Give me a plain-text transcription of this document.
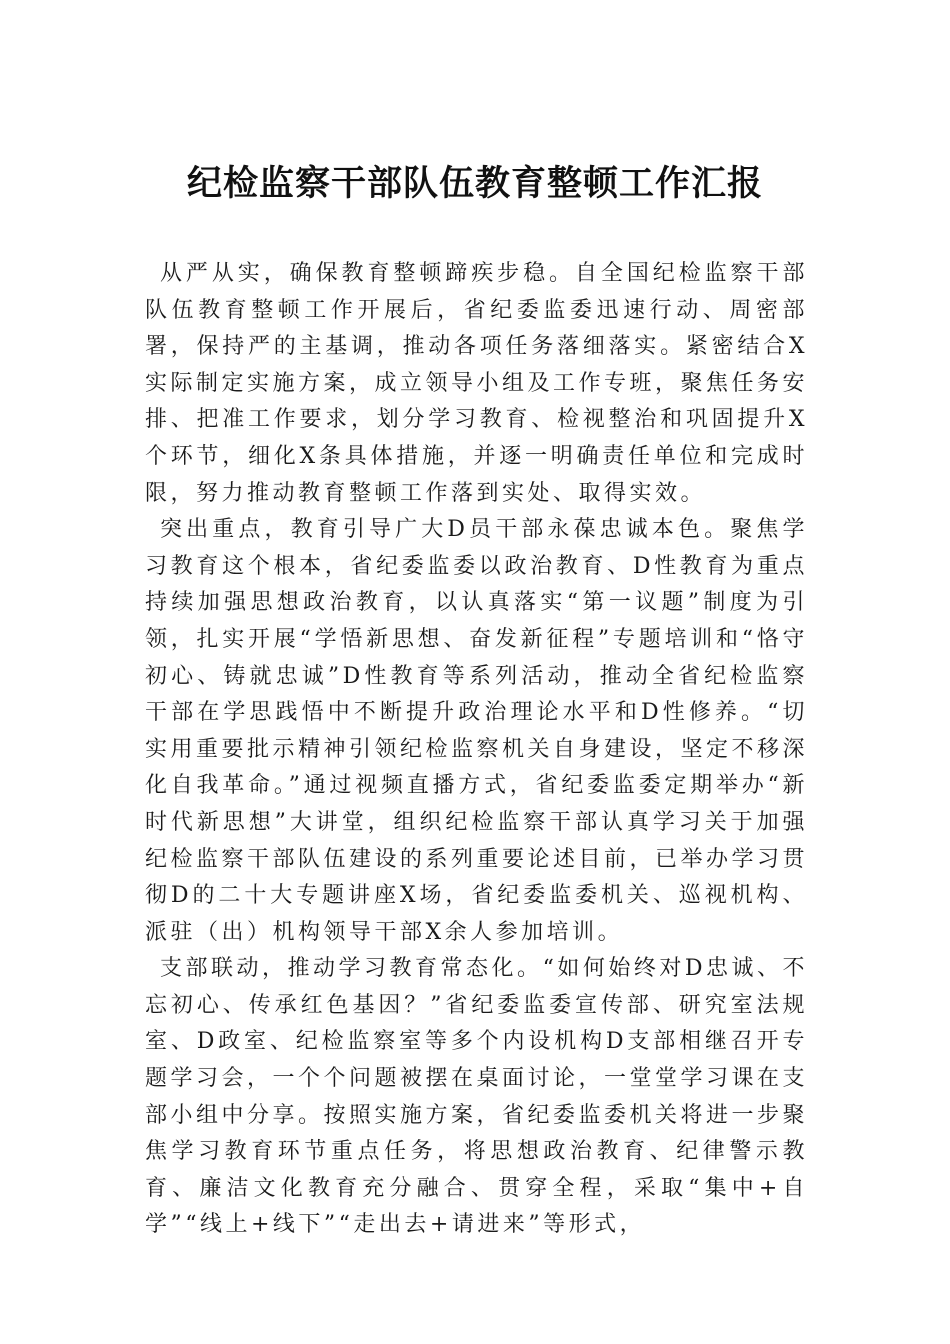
纪检监察干部队伍教育整顿工作汇报

从严从实，确保教育整顿蹄疾步稳。自全国纪检监察干部队伍教育整顿工作开展后，省纪委监委迅速行动、周密部署，保持严的主基调，推动各项任务落细落实。紧密结合X实际制定实施方案，成立领导小组及工作专班，聚焦任务安排、把准工作要求，划分学习教育、检视整治和巩固提升X个环节，细化X条具体措施，并逐一明确责任单位和完成时限，努力推动教育整顿工作落到实处、取得实效。

突出重点，教育引导广大D员干部永葆忠诚本色。聚焦学习教育这个根本，省纪委监委以政治教育、D性教育为重点持续加强思想政治教育，以认真落实“第一议题”制度为引领，扎实开展“学悟新思想、奋发新征程”专题培训和“恪守初心、铸就忠诚”D性教育等系列活动，推动全省纪检监察干部在学思践悟中不断提升政治理论水平和D性修养。“切实用重要批示精神引领纪检监察机关自身建设，坚定不移深化自我革命。”通过视频直播方式，省纪委监委定期举办“新时代新思想”大讲堂，组织纪检监察干部认真学习关于加强纪检监察干部队伍建设的系列重要论述目前，已举办学习贯彻D的二十大专题讲座X场，省纪委监委机关、巡视机构、派驻（出）机构领导干部X余人参加培训。

支部联动，推动学习教育常态化。“如何始终对D忠诚、不忘初心、传承红色基因？”省纪委监委宣传部、研究室法规室、D政室、纪检监察室等多个内设机构D支部相继召开专题学习会，一个个问题被摆在桌面讨论，一堂堂学习课在支部小组中分享。按照实施方案，省纪委监委机关将进一步聚焦学习教育环节重点任务，将思想政治教育、纪律警示教育、廉洁文化教育充分融合、贯穿全程，采取“集中+自学”“线上+线下”“走出去+请进来”等形式，
